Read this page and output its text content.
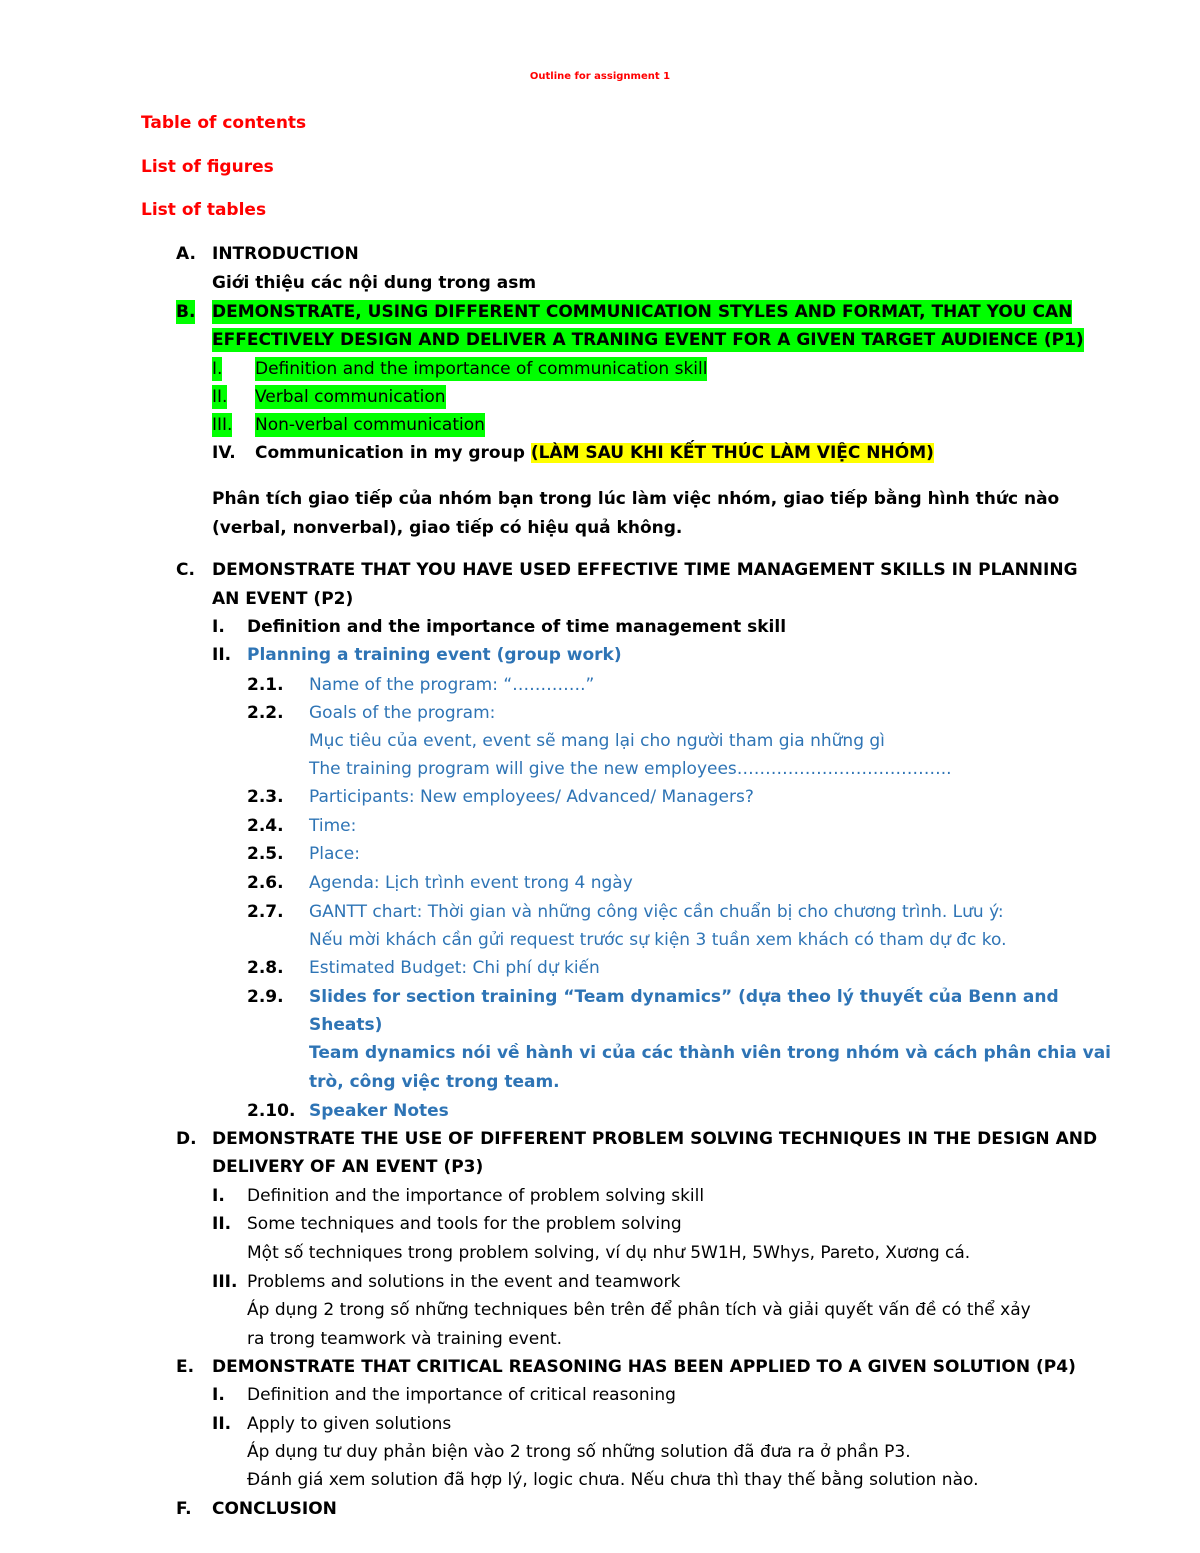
Outline for assignment 1
Table of contents
List of figures
List of tables
A. INTRODUCTION
Giới thiệu các nội dung trong asm
B. DEMONSTRATE, USING DIFFERENT COMMUNICATION STYLES AND FORMAT, THAT YOU CAN
EFFECTIVELY DESIGN AND DELIVER A TRANING EVENT FOR A GIVEN TARGET AUDIENCE (P1)
I. Definition and the importance of communication skill
II. Verbal communication
III. Non-verbal communication
IV. Communication in my group (LÀM SAU KHI KẾT THÚC LÀM VIỆC NHÓM)
Phân tích giao tiếp của nhóm bạn trong lúc làm việc nhóm, giao tiếp bằng hình thức nào
(verbal, nonverbal), giao tiếp có hiệu quả không.
C. DEMONSTRATE THAT YOU HAVE USED EFFECTIVE TIME MANAGEMENT SKILLS IN PLANNING
AN EVENT (P2)
I. Definition and the importance of time management skill
II. Planning a training event (group work)
2.1. Name of the program: “………….”
2.2. Goals of the program:
Mục tiêu của event, event sẽ mang lại cho người tham gia những gì
The training program will give the new employees………………………………..
2.3. Participants: New employees/ Advanced/ Managers?
2.4. Time:
2.5. Place:
2.6. Agenda: Lịch trình event trong 4 ngày
2.7. GANTT chart: Thời gian và những công việc cần chuẩn bị cho chương trình. Lưu ý:
Nếu mời khách cần gửi request trước sự kiện 3 tuần xem khách có tham dự đc ko.
2.8. Estimated Budget: Chi phí dự kiến
2.9. Slides for section training “Team dynamics” (dựa theo lý thuyết của Benn and
Sheats)
Team dynamics nói về hành vi của các thành viên trong nhóm và cách phân chia vai
trò, công việc trong team.
2.10. Speaker Notes
D. DEMONSTRATE THE USE OF DIFFERENT PROBLEM SOLVING TECHNIQUES IN THE DESIGN AND
DELIVERY OF AN EVENT (P3)
I. Definition and the importance of problem solving skill
II. Some techniques and tools for the problem solving
Một số techniques trong problem solving, ví dụ như 5W1H, 5Whys, Pareto, Xương cá.
III. Problems and solutions in the event and teamwork
Áp dụng 2 trong số những techniques bên trên để phân tích và giải quyết vấn đề có thể xảy
ra trong teamwork và training event.
E. DEMONSTRATE THAT CRITICAL REASONING HAS BEEN APPLIED TO A GIVEN SOLUTION (P4)
I. Definition and the importance of critical reasoning
II. Apply to given solutions
Áp dụng tư duy phản biện vào 2 trong số những solution đã đưa ra ở phần P3.
Đánh giá xem solution đã hợp lý, logic chưa. Nếu chưa thì thay thế bằng solution nào.
F. CONCLUSION
